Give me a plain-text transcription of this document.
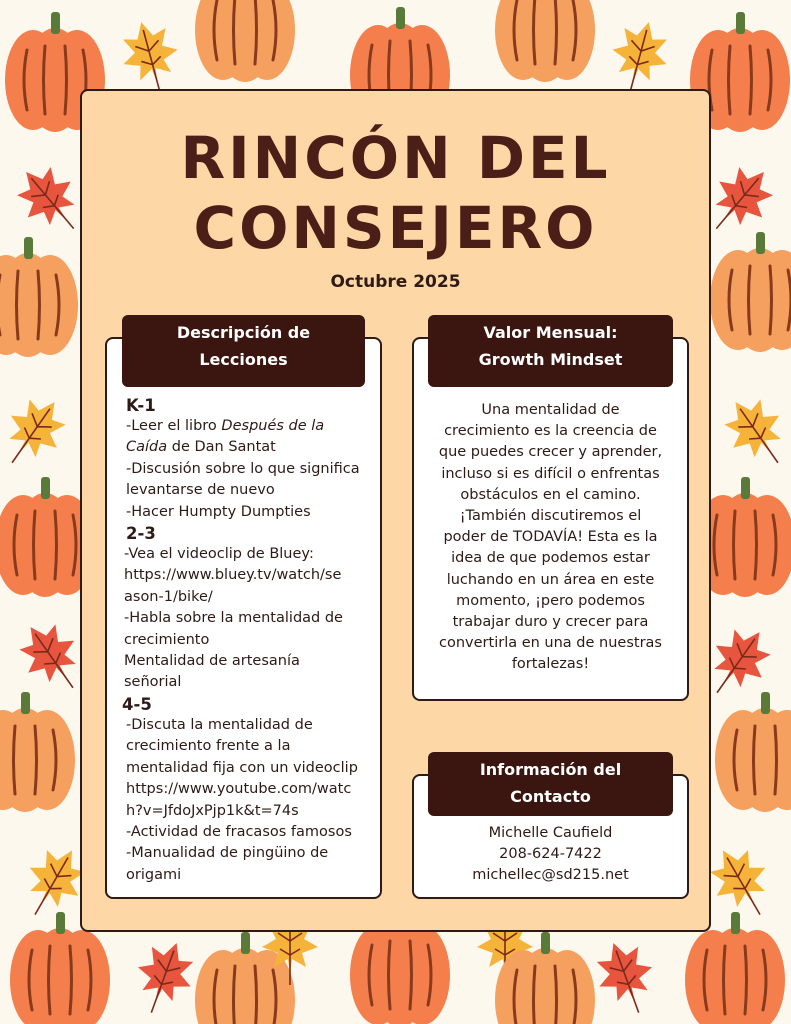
RINCÓN DEL
CONSEJERO
Octubre 2025
Descripción de
Lecciones
K-1
-Leer el libro Después de la
Caída de Dan Santat
-Discusión sobre lo que significa
levantarse de nuevo
-Hacer Humpty Dumpties
2-3
-Vea el videoclip de Bluey:
https://www.bluey.tv/watch/se
ason-1/bike/
-Habla sobre la mentalidad de
crecimiento
Mentalidad de artesanía
señorial
4-5
-Discuta la mentalidad de
crecimiento frente a la
mentalidad fija con un videoclip
https://www.youtube.com/watc
h?v=JfdoJxPjp1k&t=74s
-Actividad de fracasos famosos
-Manualidad de pingüino de
origami
Valor Mensual:
Growth Mindset
Una mentalidad de
crecimiento es la creencia de
que puedes crecer y aprender,
incluso si es difícil o enfrentas
obstáculos en el camino.
¡También discutiremos el
poder de TODAVÍA! Esta es la
idea de que podemos estar
luchando en un área en este
momento, ¡pero podemos
trabajar duro y crecer para
convertirla en una de nuestras
fortalezas!
Información del
Contacto
Michelle Caufield
208-624-7422
michellec@sd215.net
